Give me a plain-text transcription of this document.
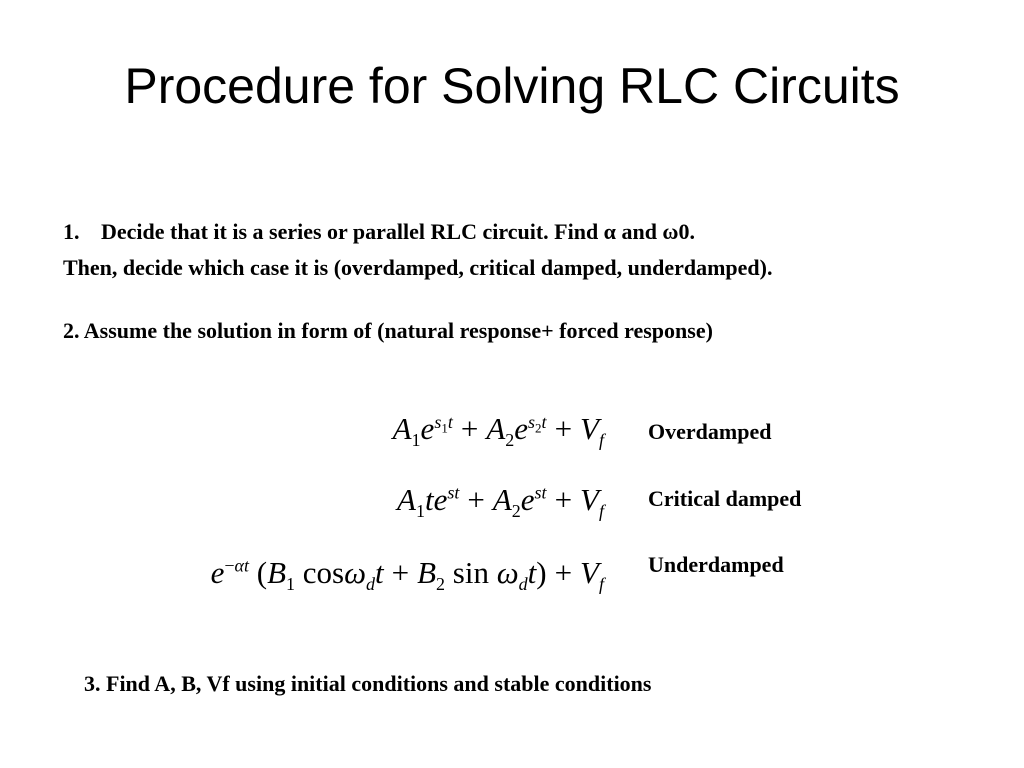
Procedure for Solving RLC Circuits
1. Decide that it is a series or parallel RLC circuit. Find α and ω0.
Then, decide which case it is (overdamped, critical damped, underdamped).
2. Assume the solution in form of (natural response+ forced response)
$A_1e^{s_1t} + A_2e^{s_2t} + V_f$ Overdamped
$A_1te^{st} + A_2e^{st} + V_f$
Critical damped
$e^{-\alpha t}$ ($B_1$ $\cos\omega_dt + B_2$ $\sin \omega_dt) + V_f$
Underdamped
3. Find A, B, Vf using initial conditions and stable conditions
